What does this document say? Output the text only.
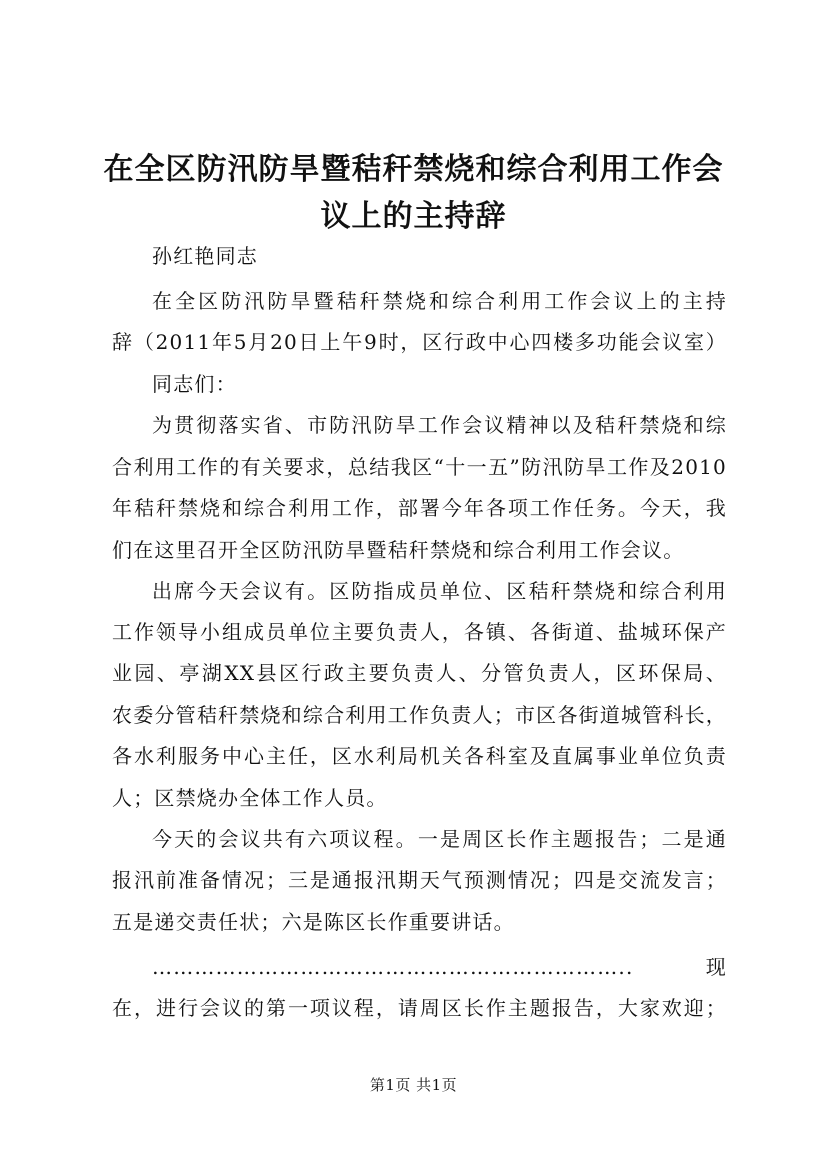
在全区防汛防旱暨秸秆禁烧和综合利用工作会
议上的主持辞
孙红艳同志
在全区防汛防旱暨秸秆禁烧和综合利用工作会议上的主持
辞（2011年5月20日上午9时，区行政中心四楼多功能会议室）
同志们：
为贯彻落实省、市防汛防旱工作会议精神以及秸秆禁烧和综
合利用工作的有关要求，总结我区“十一五”防汛防旱工作及2010
年秸秆禁烧和综合利用工作，部署今年各项工作任务。今天，我
们在这里召开全区防汛防旱暨秸秆禁烧和综合利用工作会议。
出席今天会议有。区防指成员单位、区秸秆禁烧和综合利用
工作领导小组成员单位主要负责人，各镇、各街道、盐城环保产
业园、亭湖XX县区行政主要负责人、分管负责人，区环保局、
农委分管秸秆禁烧和综合利用工作负责人；市区各街道城管科长，
各水利服务中心主任，区水利局机关各科室及直属事业单位负责
人；区禁烧办全体工作人员。
今天的会议共有六项议程。一是周区长作主题报告；二是通
报汛前准备情况；三是通报汛期天气预测情况；四是交流发言；
五是递交责任状；六是陈区长作重要讲话。
…………………………………………………………..现
在，进行会议的第一项议程，请周区长作主题报告，大家欢迎；
第1页 共1页
